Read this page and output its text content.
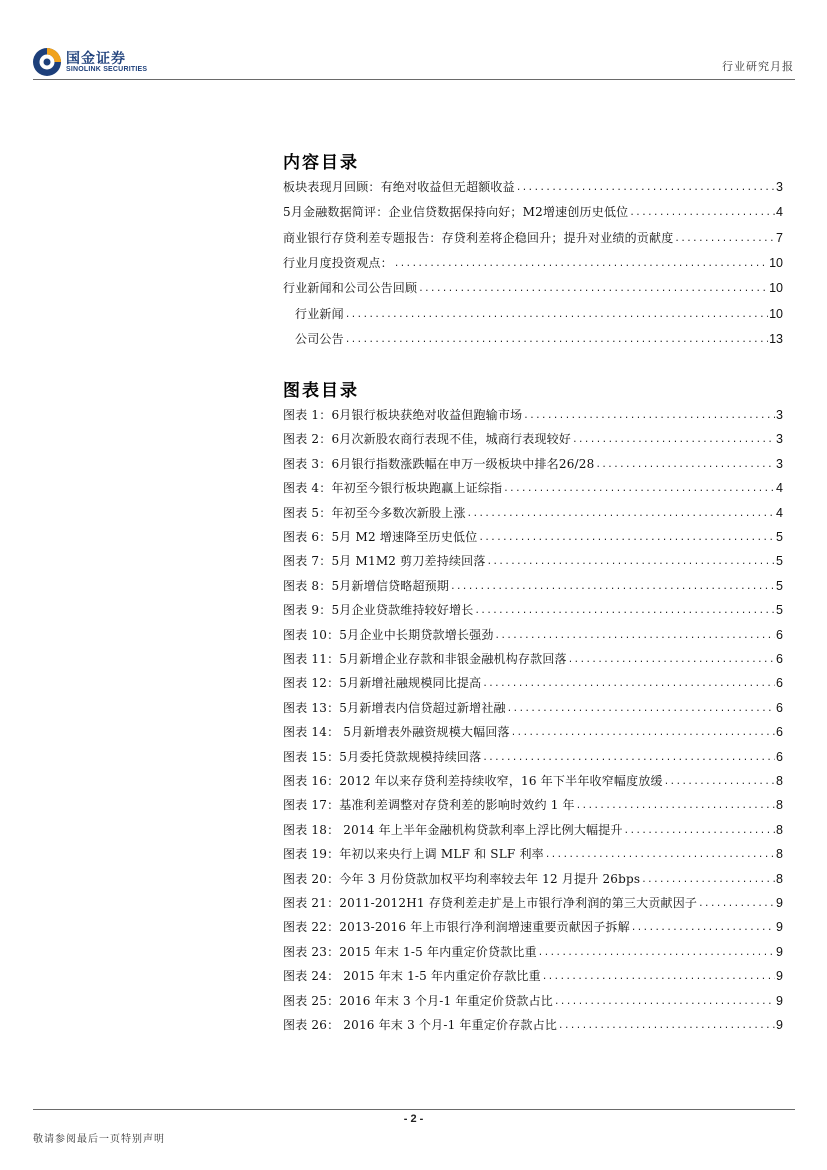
国金证券
SINOLINK SECURITIES	行业研究月报
内容目录
板块表现月回顾：有绝对收益但无超额收益 .....	3
5月金融数据简评：企业信贷数据保持向好；M2增速创历史低位 .....	4
商业银行存贷利差专题报告：存贷利差将企稳回升；提升对业绩的贡献度 .....	7
行业月度投资观点： .....	10
行业新闻和公司公告回顾 .....	10
行业新闻 .....	10
公司公告 .....	13
图表目录
图表 1：6月银行板块获绝对收益但跑输市场 .....	3
图表 2：6月次新股农商行表现不佳，城商行表现较好 .....	3
图表 3：6月银行指数涨跌幅在申万一级板块中排名26/28 .....	3
图表 4：年初至今银行板块跑赢上证综指 .....	4
图表 5：年初至今多数次新股上涨 .....	4
图表 6：5月 M2 增速降至历史低位 .....	5
图表 7：5月 M1M2 剪刀差持续回落 .....	5
图表 8：5月新增信贷略超预期 .....	5
图表 9：5月企业贷款维持较好增长 .....	5
图表 10：5月企业中长期贷款增长强劲 .....	6
图表 11：5月新增企业存款和非银金融机构存款回落 .....	6
图表 12：5月新增社融规模同比提高 .....	6
图表 13：5月新增表内信贷超过新增社融 .....	6
图表 14： 5月新增表外融资规模大幅回落 .....	6
图表 15：5月委托贷款规模持续回落 .....	6
图表 16：2012 年以来存贷利差持续收窄，16 年下半年收窄幅度放缓 .....	8
图表 17：基准利差调整对存贷利差的影响时效约 1 年 .....	8
图表 18： 2014 年上半年金融机构贷款利率上浮比例大幅提升 .....	8
图表 19：年初以来央行上调 MLF 和 SLF 利率 .....	8
图表 20：今年 3 月份贷款加权平均利率较去年 12 月提升 26bps .....	8
图表 21：2011-2012H1 存贷利差走扩是上市银行净利润的第三大贡献因子 .....	9
图表 22：2013-2016 年上市银行净利润增速重要贡献因子拆解 .....	9
图表 23：2015 年末 1-5 年内重定价贷款比重 .....	9
图表 24： 2015 年末 1-5 年内重定价存款比重 .....	9
图表 25：2016 年末 3 个月-1 年重定价贷款占比 .....	9
图表 26： 2016 年末 3 个月-1 年重定价存款占比 .....	9
- 2 -
敬请参阅最后一页特别声明
